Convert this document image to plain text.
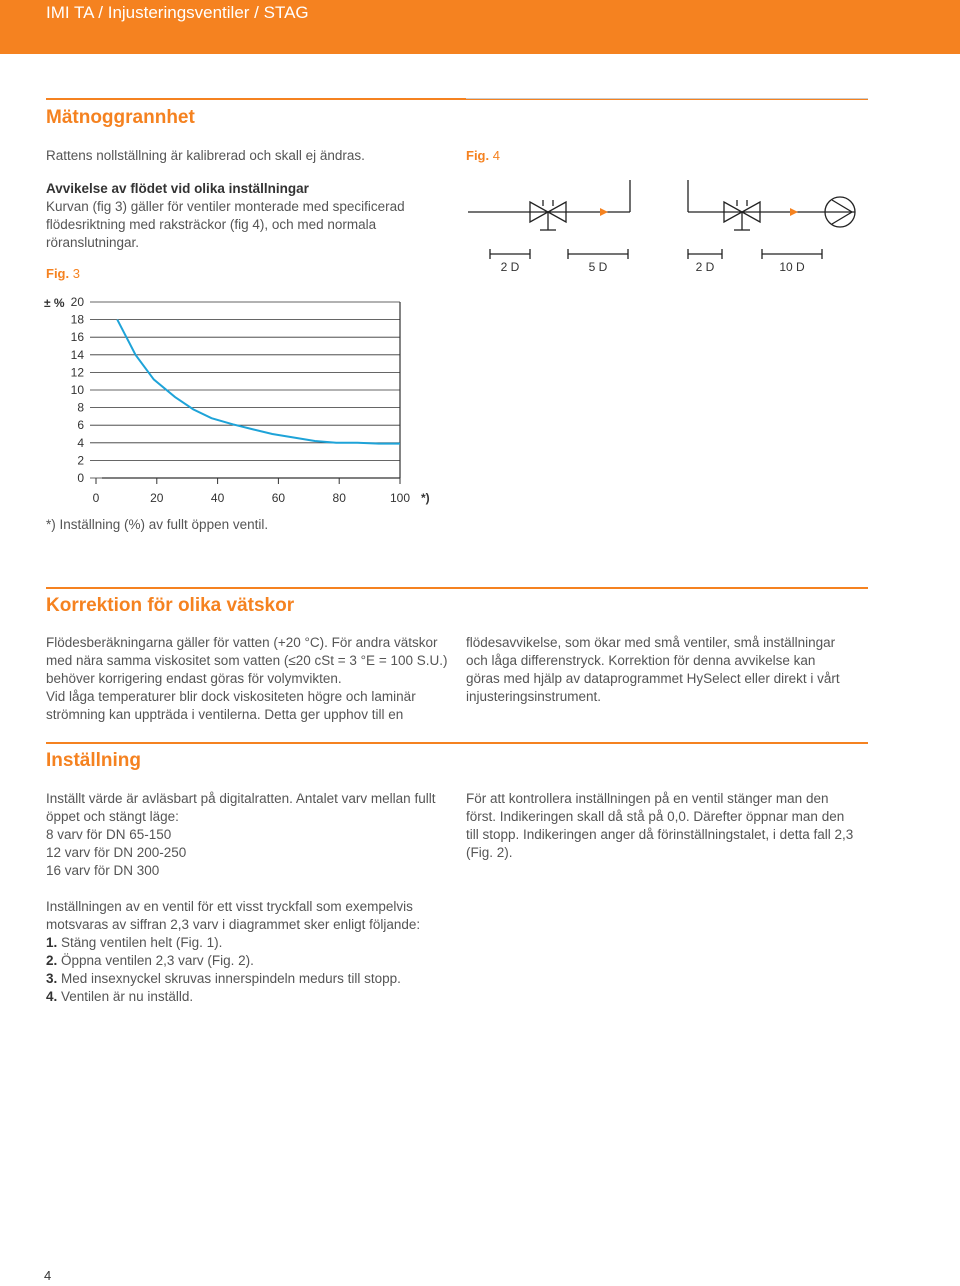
IMI TA / Injusteringsventiler / STAG
Mätnoggrannhet
Rattens nollställning är kalibrerad och skall ej ändras.
Avvikelse av flödet vid olika inställningar
Kurvan (fig 3) gäller för ventiler monterade med specificerad flödesriktning med raksträckor (fig 4), och med normala röranslutningar.
Fig. 3
± % 20
18
16
14
12
10
8
6
4
2
0
0	20	40	60	80	100 *)
*) Inställning (%) av fullt öppen ventil.
Fig. 4
2 D	5 D	2 D	10 D
Korrektion för olika vätskor
Flödesberäkningarna gäller för vatten (+20 °C). För andra vätskor
med nära samma viskositet som vatten (≤20 cSt = 3 °E = 100 S.U.)
behöver korrigering endast göras för volymvikten.
Vid låga temperaturer blir dock viskositeten högre och laminär
strömning kan uppträda i ventilerna. Detta ger upphov till en
flödesavvikelse, som ökar med små ventiler, små inställningar
och låga differenstryck. Korrektion för denna avvikelse kan
göras med hjälp av dataprogrammet HySelect eller direkt i vårt
injusteringsinstrument.
Inställning
Inställt värde är avläsbart på digitalratten. Antalet varv mellan fullt
öppet och stängt läge:
8 varv för DN 65-150
12 varv för DN 200-250
16 varv för DN 300
Inställningen av en ventil för ett visst tryckfall som exempelvis
motsvaras av siffran 2,3 varv i diagrammet sker enligt följande:
1. Stäng ventilen helt (Fig. 1).
2. Öppna ventilen 2,3 varv (Fig. 2).
3. Med insexnyckel skruvas innerspindeln medurs till stopp.
4. Ventilen är nu inställd.
För att kontrollera inställningen på en ventil stänger man den
först. Indikeringen skall då stå på 0,0. Därefter öppnar man den
till stopp. Indikeringen anger då förinställningstalet, i detta fall 2,3
(Fig. 2).
4
